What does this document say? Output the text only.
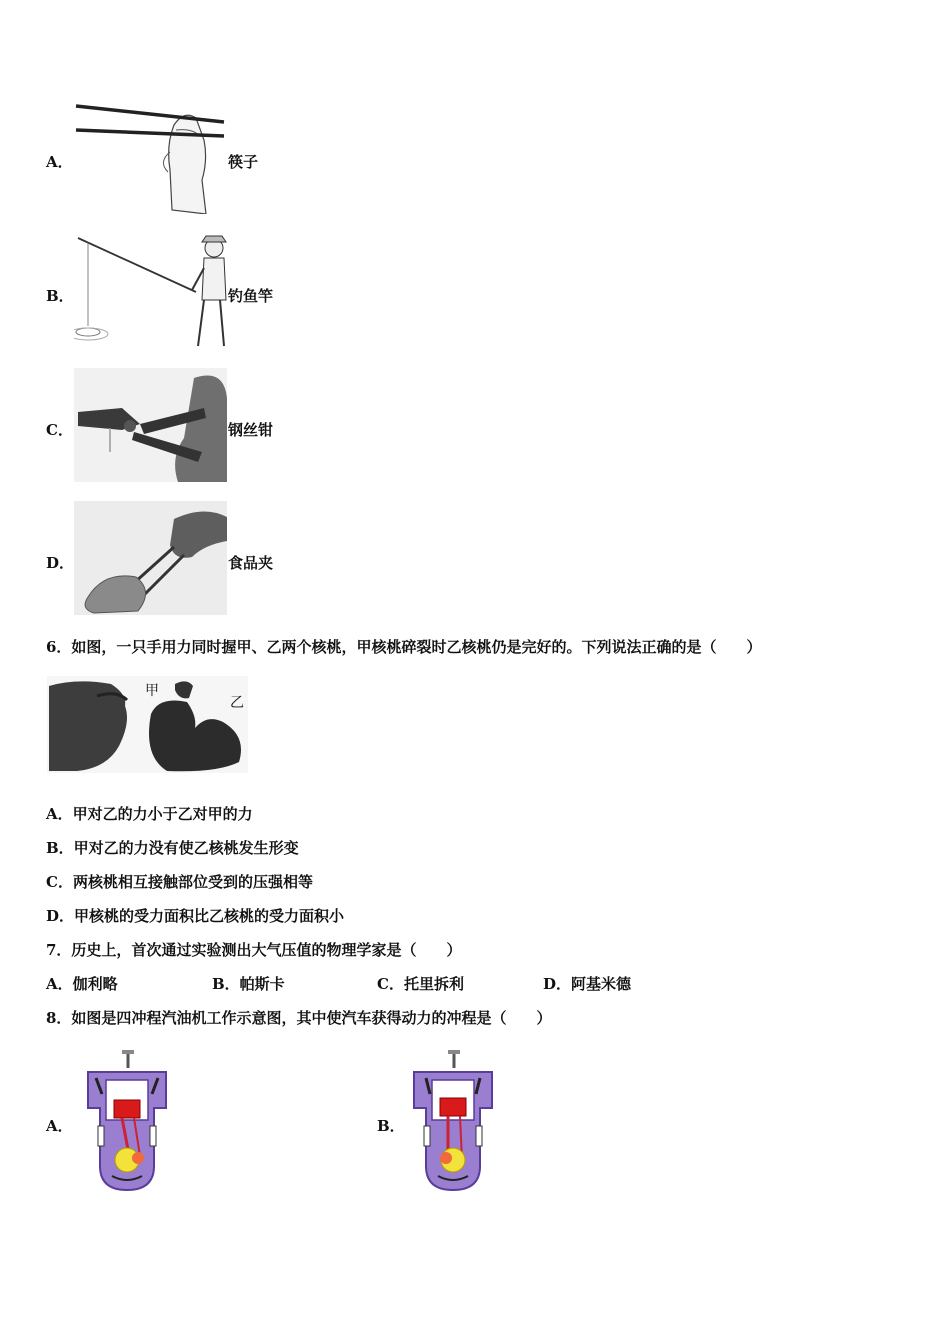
A．	筷子
B．	钓鱼竿
C．	钢丝钳
D．	食品夹
6．如图，一只手用力同时握甲、乙两个核桃，甲核桃碎裂时乙核桃仍是完好的。下列说法正确的是（　　）
甲
乙
A．甲对乙的力小于乙对甲的力
B．甲对乙的力没有使乙核桃发生形变
C．两核桃相互接触部位受到的压强相等
D．甲核桃的受力面积比乙核桃的受力面积小
7．历史上，首次通过实验测出大气压值的物理学家是（　　）
A．伽利略	B．帕斯卡	C．托里拆利	D．阿基米德
8．如图是四冲程汽油机工作示意图，其中使汽车获得动力的冲程是（　　）
A．	B．
